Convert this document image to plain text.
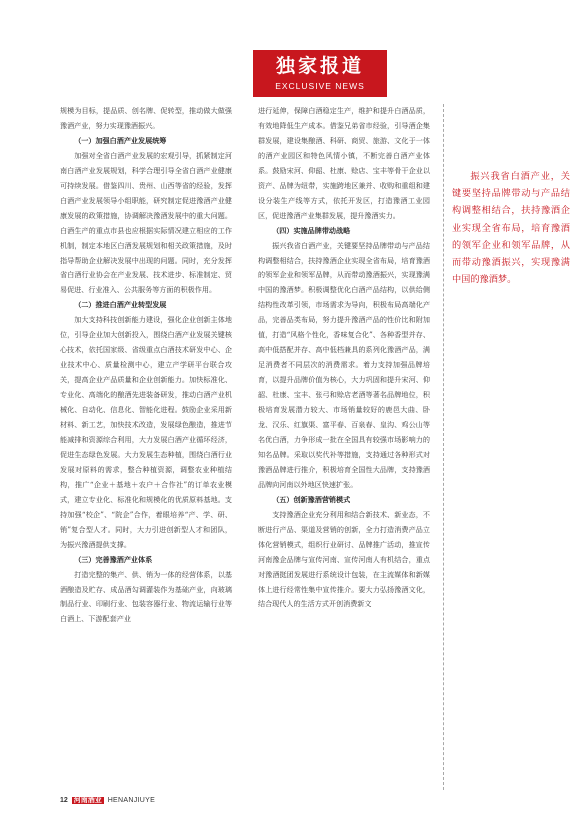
独家报道
EXCLUSIVE NEWS

规模为目标，提品质、创名牌、促转型，推动做大做强豫酒产业，努力实现豫酒振兴。

（一）加强白酒产业发展统筹

加强对全省白酒产业发展的宏观引导，抓紧制定河南白酒产业发展规划，科学合理引导全省白酒产业健康可持续发展。借鉴四川、贵州、山西等省的经验，发挥白酒产业发展领导小组职能，研究制定促进豫酒产业健康发展的政策措施，协调解决豫酒发展中的重大问题。白酒生产的重点市县也应根据实际情况建立相应的工作机制，制定本地区白酒发展规划和相关政策措施，及时指导帮助企业解决发展中出现的问题。同时，充分发挥省白酒行业协会在产业发展、技术进步、标准制定、贸易促进、行业准入、公共服务等方面的积极作用。

（二）推进白酒产业转型发展

加大支持科技创新能力建设，强化企业创新主体地位，引导企业加大创新投入，围绕白酒产业发展关键核心技术，依托国家级、省级重点白酒技术研发中心、企业技术中心、质量检测中心，建立产学研平台联合攻关，提高企业产品质量和企业创新能力。加快标准化、专业化、高端化的酿酒先进装备研发，推动白酒产业机械化、自动化、信息化、智能化进程。鼓励企业采用新材料、新工艺，加快技术改造，发展绿色酿造，推进节能减排和资源综合利用，大力发展白酒产业循环经济，促进生态绿色发展。大力发展生态种植，围绕白酒行业发展对原料的需求，整合种植资源，调整农业种植结构，推广“企业＋基地＋农户＋合作社”的订单农业模式，建立专业化、标准化和规模化的优质原料基地。支持加强“校企”、“院企”合作，着眼培养“产、学、研、销”复合型人才。同时，大力引进创新型人才和团队，为振兴豫酒提供支撑。

（三）完善豫酒产业体系

打造完整的集产、供、销为一体的经营体系，以基酒酿造及贮存、成品酒勾调灌装作为基础产业，向玻璃制品行业、印刷行业、包装容器行业、物流运输行业等白酒上、下游配套产业

进行延伸，保障白酒稳定生产，维护和提升白酒品质，有效地降低生产成本。借鉴兄弟省市经验，引导酒企集群发展，建设集酿酒、科研、商贸、旅游、文化于一体的酒产业园区和特色风情小镇，不断完善白酒产业体系。鼓励宋河、仰韶、杜康、赊店、宝丰等骨干企业以资产、品牌为纽带，实施跨地区兼并、收购和重组和建设分装生产线等方式，依托开发区，打造豫酒工业园区，促进豫酒产业集群发展，提升豫酒实力。

（四）实施品牌带动战略

振兴我省白酒产业，关键要坚持品牌带动与产品结构调整相结合，扶持豫酒企业实现全省布局，培育豫酒的领军企业和领军品牌，从而带动豫酒振兴，实现豫满中国的豫酒梦。积极调整优化白酒产品结构，以供给侧结构性改革引领，市场需求为导向，积极布局高端化产品，完善品类布局，努力提升豫酒产品的性价比和附加值，打造“风格个性化，香味复合化”、各种香型并存、高中低搭配并存、高中低档兼具的系列化豫酒产品，满足消费者不同层次的消费需求。着力支持加强品牌培育，以提升品牌价值为核心，大力巩固和提升宋河、仰韶、杜康、宝丰、张弓和赊店老酒等著名品牌地位，积极培育发展潜力较大、市场销量较好的鹿邑大曲、卧龙、汉乐、红旗渠、富平春、百泉春、皇沟、鸡公山等名优白酒，力争形成一批在全国具有较强市场影响力的知名品牌。采取以奖代补等措施，支持通过各种形式对豫酒品牌进行推介，积极培育全国性大品牌，支持豫酒品牌向河南以外地区快速扩张。

（五）创新豫酒营销模式

支持豫酒企业充分利用和结合新技术、新业态，不断进行产品、渠道及营销的创新，全力打造消费产品立体化营销模式，组织行业研讨、品牌推广活动，推宣传河南豫企品牌与宣传河南、宣传河南人有机结合，重点对豫酒挺团发展进行系统设计包装，在主流媒体和新媒体上进行经常性集中宣传推介。要大力弘扬豫酒文化，结合现代人的生活方式开创消费新文

振兴我省白酒产业，关键要坚持品牌带动与产品结构调整相结合，扶持豫酒企业实现全省布局，培育豫酒的领军企业和领军品牌，从而带动豫酒振兴，实现豫满中国的豫酒梦。
12 河南酒业 HENANJIUYE
